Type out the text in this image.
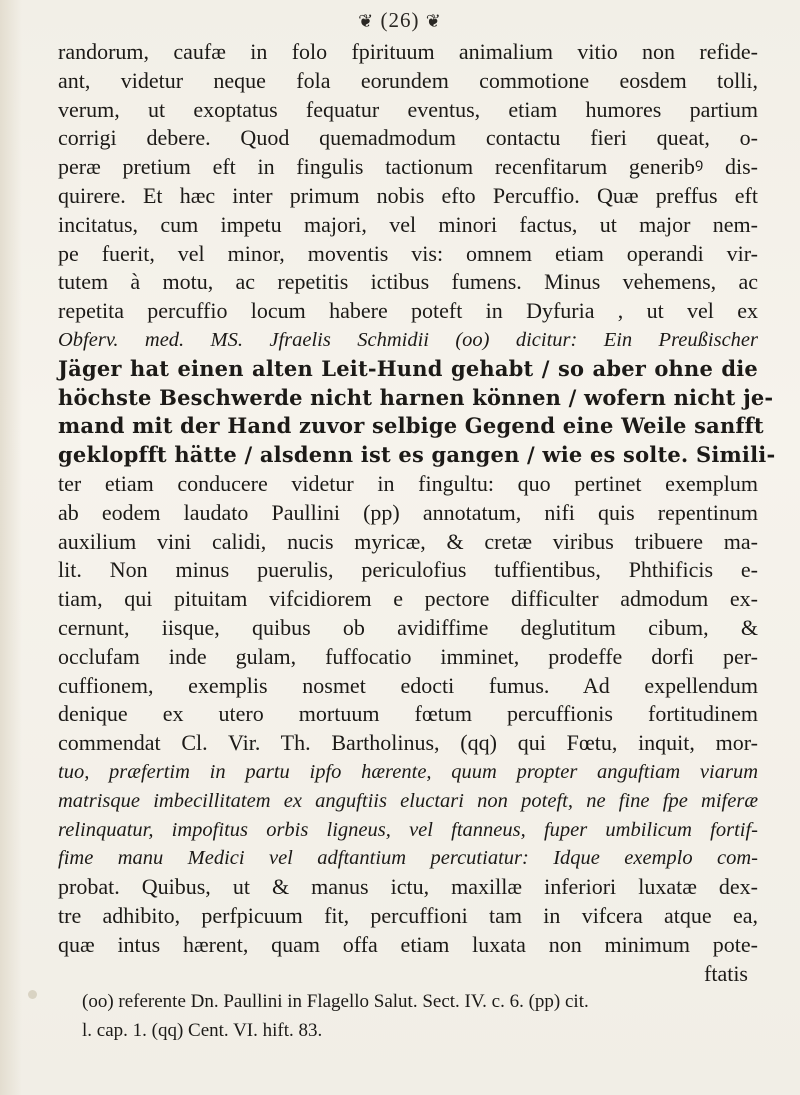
❦ (26) ❦
randorum, caufæ in folo fpirituum animalium vitio non refide-
ant, videtur neque fola eorundem commotione eosdem tolli,
verum, ut exoptatus fequatur eventus, etiam humores partium
corrigi debere. Quod quemadmodum contactu fieri queat, o-
peræ pretium eft in fingulis tactionum recenfitarum generibꝰ dis-
quirere. Et hæc inter primum nobis efto Percuffio. Quæ preffus eft
incitatus, cum impetu majori, vel minori factus, ut major nem-
pe fuerit, vel minor, moventis vis: omnem etiam operandi vir-
tutem à motu, ac repetitis ictibus fumens. Minus vehemens, ac
repetita percuffio locum habere poteft in Dyfuria , ut vel ex
Obferv. med. MS. Jfraelis Schmidii (oo) dicitur: Ein Preußischer
Jäger hat einen alten Leit-Hund gehabt / so aber ohne die
höchste Beschwerde nicht harnen können / wofern nicht je-
mand mit der Hand zuvor selbige Gegend eine Weile sanfft
geklopfft hätte / alsdenn ist es gangen / wie es solte. Simili-
ter etiam conducere videtur in fingultu: quo pertinet exemplum
ab eodem laudato Paullini (pp) annotatum, nifi quis repentinum
auxilium vini calidi, nucis myricæ, & cretæ viribus tribuere ma-
lit. Non minus puerulis, periculofius tuffientibus, Phthificis e-
tiam, qui pituitam vifcidiorem e pectore difficulter admodum ex-
cernunt, iisque, quibus ob avidiffime deglutitum cibum, &
occlufam inde gulam, fuffocatio imminet, prodeffe dorfi per-
cuffionem, exemplis nosmet edocti fumus. Ad expellendum
denique ex utero mortuum fœtum percuffionis fortitudinem
commendat Cl. Vir. Th. Bartholinus, (qq) qui Fœtu, inquit, mor-
tuo, præfertim in partu ipfo hærente, quum propter anguftiam viarum
matrisque imbecillitatem ex anguftiis eluctari non poteft, ne fine fpe miferæ
relinquatur, impofitus orbis ligneus, vel ftanneus, fuper umbilicum fortif-
fime manu Medici vel adftantium percutiatur: Idque exemplo com-
probat. Quibus, ut & manus ictu, maxillæ inferiori luxatæ dex-
tre adhibito, perfpicuum fit, percuffioni tam in vifcera atque ea,
quæ intus hærent, quam offa etiam luxata non minimum pote-
ftatis
(oo) referente Dn. Paullini in Flagello Salut. Sect. IV. c. 6. (pp) cit.
l. cap. 1. (qq) Cent. VI. hift. 83.
